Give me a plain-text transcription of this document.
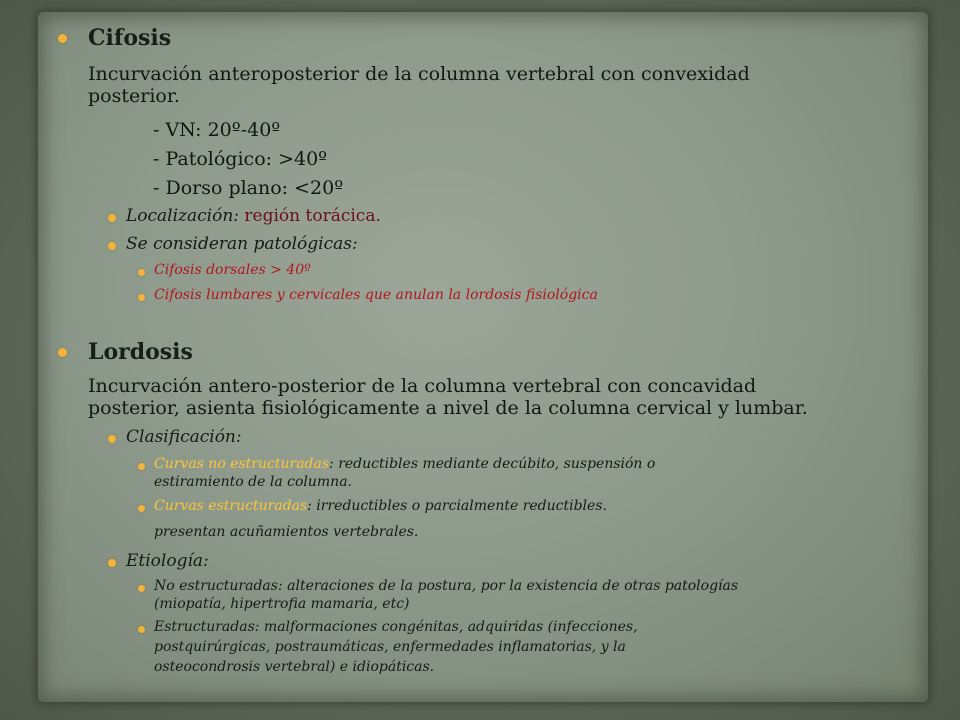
Cifosis
Incurvación anteroposterior de la columna vertebral con convexidad
posterior.
- VN: 20º-40º
- Patológico: >40º
- Dorso plano: <20º
Localización: región torácica.
Se consideran patológicas:
Cifosis dorsales > 40º
Cifosis lumbares y cervicales que anulan la lordosis fisiológica
Lordosis
Incurvación antero-posterior de la columna vertebral con concavidad
posterior, asienta fisiológicamente a nivel de la columna cervical y lumbar.
Clasificación:
Curvas no estructuradas: reductibles mediante decúbito, suspensión o
estiramiento de la columna.
Curvas estructuradas: irreductibles o parcialmente reductibles.
presentan acuñamientos vertebrales.
Etiología:
No estructuradas: alteraciones de la postura, por la existencia de otras patologías
(miopatía, hipertrofia mamaria, etc)
Estructuradas: malformaciones congénitas, adquiridas (infecciones,
postquirúrgicas, postraumáticas, enfermedades inflamatorias, y la
osteocondrosis vertebral) e idiopáticas.
